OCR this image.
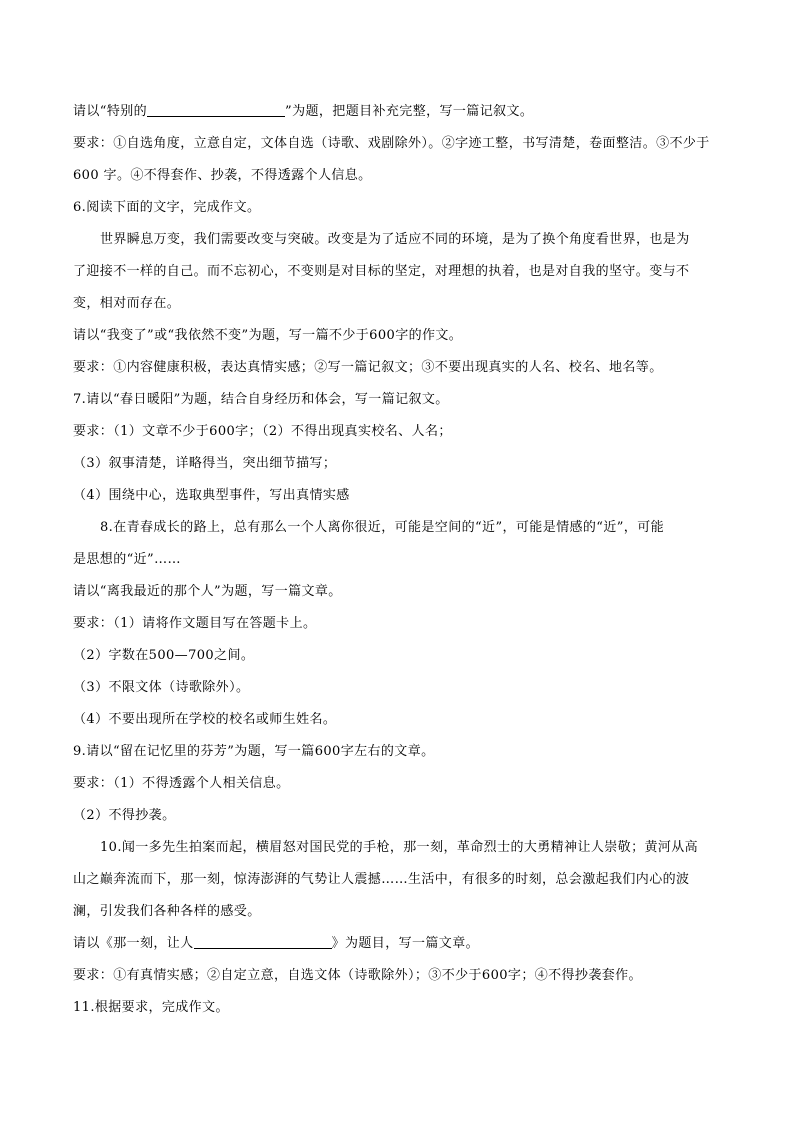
请以“特别的	”为题，把题目补充完整，写一篇记叙文。
要求：①自选角度，立意自定，文体自选（诗歌、戏剧除外）。②字迹工整，书写清楚，卷面整洁。③不少于
600 字。④不得套作、抄袭，不得透露个人信息。
6.阅读下面的文字，完成作文。
世界瞬息万变，我们需要改变与突破。改变是为了适应不同的环境，是为了换个角度看世界，也是为
了迎接不一样的自己。而不忘初心，不变则是对目标的坚定，对理想的执着，也是对自我的坚守。变与不
变，相对而存在。
请以“我变了”或“我依然不变”为题，写一篇不少于600字的作文。
要求：①内容健康积极，表达真情实感；②写一篇记叙文；③不要出现真实的人名、校名、地名等。
7.请以“春日暖阳”为题，结合自身经历和体会，写一篇记叙文。
要求：（1）文章不少于600字；（2）不得出现真实校名、人名；
（3）叙事清楚，详略得当，突出细节描写；
（4）围绕中心，选取典型事件，写出真情实感
8.在青春成长的路上，总有那么一个人离你很近，可能是空间的“近”，可能是情感的“近”，可能
是思想的“近”……
请以“离我最近的那个人”为题，写一篇文章。
要求：（1）请将作文题目写在答题卡上。
（2）字数在500—700之间。
（3）不限文体（诗歌除外）。
（4）不要出现所在学校的校名或师生姓名。
9.请以“留在记忆里的芬芳”为题，写一篇600字左右的文章。
要求：（1）不得透露个人相关信息。
（2）不得抄袭。
10.闻一多先生拍案而起，横眉怒对国民党的手枪，那一刻，革命烈士的大勇精神让人崇敬；黄河从高
山之巅奔流而下，那一刻，惊涛澎湃的气势让人震撼……生活中，有很多的时刻，总会激起我们内心的波
澜，引发我们各种各样的感受。
请以《那一刻，让人	》为题目，写一篇文章。
要求：①有真情实感；②自定立意，自选文体（诗歌除外）；③不少于600字；④不得抄袭套作。
11.根据要求，完成作文。
